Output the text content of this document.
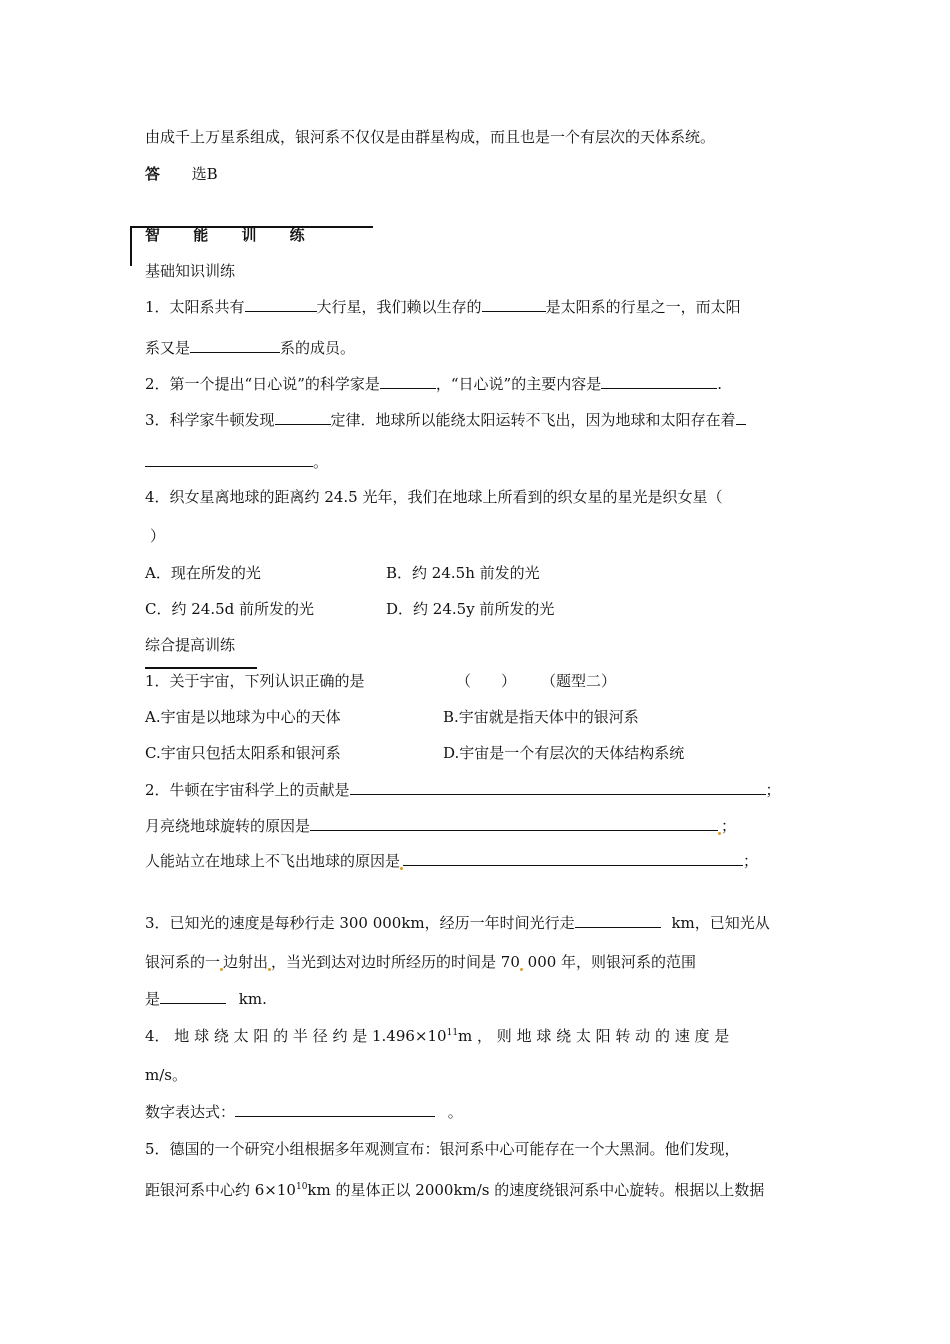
由成千上万星系组成，银河系不仅仅是由群星构成，而且也是一个有层次的天体系统。
答 选B
智 能 训 练
基础知识训练
1．太阳系共有	大行星，我们赖以生存的	是太阳系的行星之一，而太阳
系又是	系的成员。
2．第一个提出“日心说”的科学家是	，“日心说”的主要内容是	.
3．科学家牛顿发现	定律．地球所以能绕太阳运转不飞出，因为地球和太阳存在着
。
4．织女星离地球的距离约 24.5 光年，我们在地球上所看到的织女星的星光是织女星（
）
A．现在所发的光	B．约 24.5h 前发的光
C．约 24.5d 前所发的光	D．约 24.5y 前所发的光
综合提高训练
1．关于宇宙，下列认识正确的是	（　　） （题型二）
A.宇宙是以地球为中心的天体	B.宇宙就是指天体中的银河系
C.宇宙只包括太阳系和银河系	D.宇宙是一个有层次的天体结构系统
2．牛顿在宇宙科学上的贡献是	；
月亮绕地球旋转的原因是	；
人能站立在地球上不飞出地球的原因是	；
3．已知光的速度是每秒行走 300 000km，经历一年时间光行走	km，已知光从
银河系的一 边射出 ，当光到达对边时所经历的时间是 70 000 年，则银河系的范围
是	km.
4． 地 球 绕 太 阳 的 半 径 约 是 $1.496\times 10^{11}m$ ， 则 地 球 绕 太 阳 转 动 的 速 度 是
m/s。
数字表达式：	。
5．德国的一个研究小组根据多年观测宣布：银河系中心可能存在一个大黑洞。他们发现，
距银河系中心约 $6\times 10^{10}km$ 的星体正以 2000km/s 的速度绕银河系中心旋转。根据以上数据
